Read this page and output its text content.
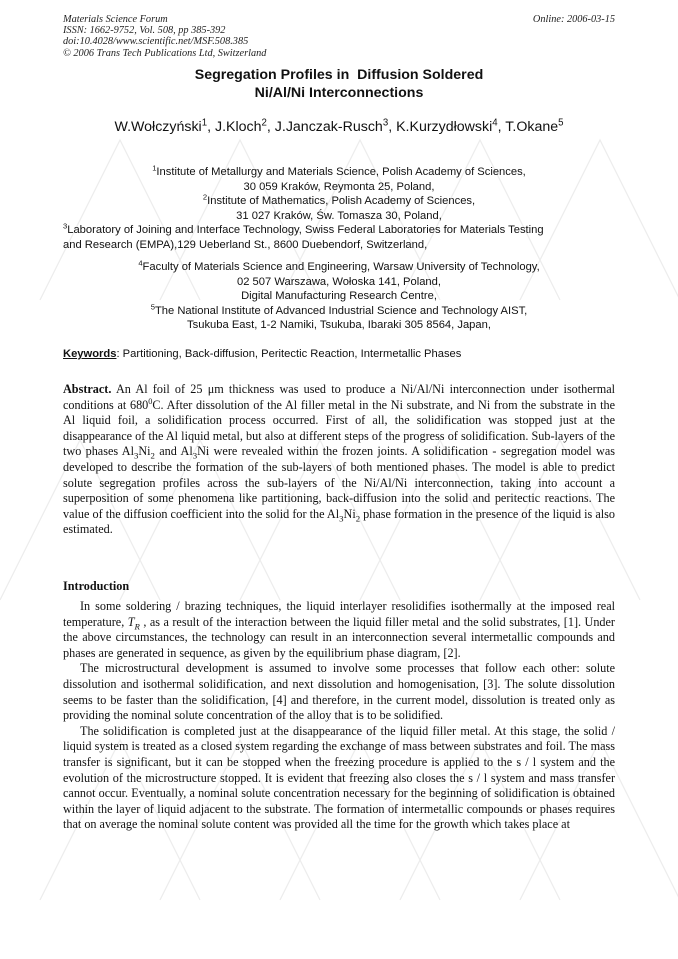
Materials Science Forum
ISSN: 1662-9752, Vol. 508, pp 385-392
doi:10.4028/www.scientific.net/MSF.508.385
© 2006 Trans Tech Publications Ltd, Switzerland
Online: 2006-03-15
Segregation Profiles in  Diffusion Soldered
Ni/Al/Ni Interconnections
W.Wołczyński$^1$, J.Kloch$^2$, J.Janczak-Rusch$^3$, K.Kurzydłowski$^4$, T.Okane$^5$
$^1$Institute of Metallurgy and Materials Science, Polish Academy of Sciences,
30 059 Kraków, Reymonta 25, Poland,
$^2$Institute of Mathematics, Polish Academy of Sciences,
31 027 Kraków, Św. Tomasza 30, Poland,
$^3$Laboratory of Joining and Interface Technology, Swiss Federal Laboratories for Materials Testing
and Research (EMPA),129 Ueberland St., 8600 Duebendorf, Switzerland,
$^4$Faculty of Materials Science and Engineering, Warsaw University of Technology,
02 507 Warszawa, Wołoska 141, Poland,
Digital Manufacturing Research Centre,
$^5$The National Institute of Advanced Industrial Science and Technology AIST,
Tsukuba East, 1-2 Namiki, Tsukuba, Ibaraki 305 8564, Japan,
Keywords: Partitioning, Back-diffusion, Peritectic Reaction, Intermetallic Phases
Abstract. An Al foil of 25 μm thickness was used to produce a Ni/Al/Ni interconnection under isothermal conditions at $680^0C$. After dissolution of the Al filler metal in the Ni substrate, and Ni from the substrate in the Al liquid foil, a solidification process occurred. First of all, the solidification was stopped just at the disappearance of the Al liquid metal, but also at different steps of the progress of solidification. Sub-layers of the two phases $Al_3Ni_2$ and $Al_3Ni$ were revealed within the frozen joints. A solidification - segregation model was developed to describe the formation of the sub-layers of both mentioned phases. The model is able to predict solute segregation profiles across the sub-layers of the Ni/Al/Ni interconnection, taking into account a superposition of some phenomena like partitioning, back-diffusion into the solid and peritectic reactions. The value of the diffusion coefficient into the solid for the $Al_3Ni_2$ phase formation in the presence of the liquid is also estimated.
Introduction

In some soldering / brazing techniques, the liquid interlayer resolidifies isothermally at the imposed real temperature, $T_R$ , as a result of the interaction between the liquid filler metal and the solid substrates, [1]. Under the above circumstances, the technology can result in an interconnection several intermetallic compounds and phases are generated in sequence, as given by the equilibrium phase diagram, [2].

The microstructural development is assumed to involve some processes that follow each other: solute dissolution and isothermal solidification, and next dissolution and homogenisation, [3]. The solute dissolution seems to be faster than the solidification, [4] and therefore, in the current model, dissolution is treated only as providing the nominal solute concentration of the alloy that is to be solidified.

The solidification is completed just at the disappearance of the liquid filler metal. At this stage, the solid / liquid system is treated as a closed system regarding the exchange of mass between substrates and foil. The mass transfer is significant, but it can be stopped when the freezing procedure is applied to the s / l system and the evolution of the microstructure stopped. It is evident that freezing also closes the s / l system and mass transfer cannot occur. Eventually, a nominal solute concentration necessary for the beginning of solidification is obtained within the layer of liquid adjacent to the substrate. The formation of intermetallic compounds or phases requires that on average the nominal solute content was provided all the time for the growth which takes place at
